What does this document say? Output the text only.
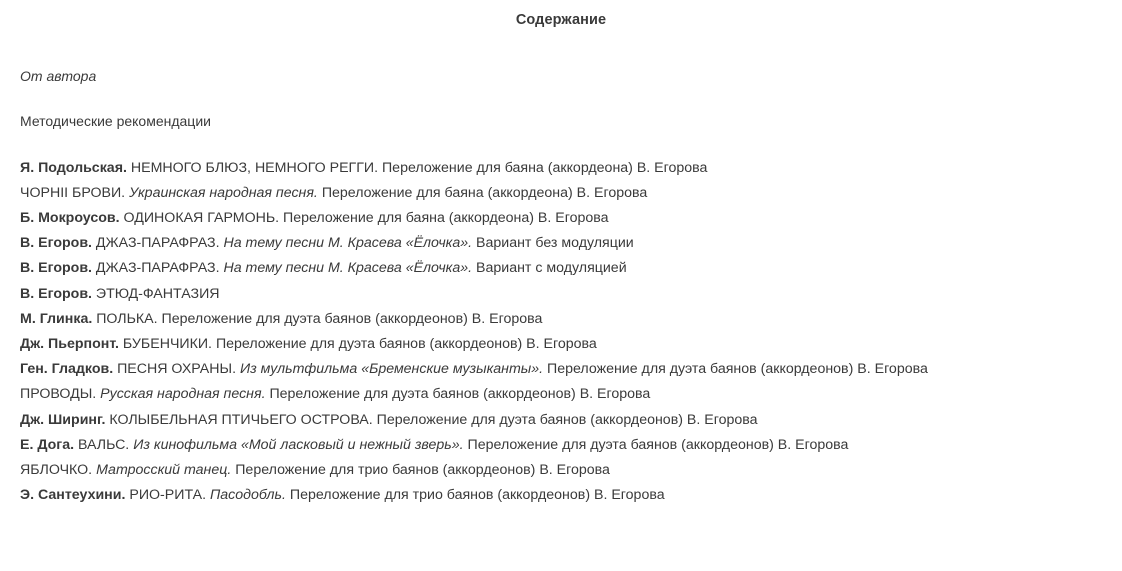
Содержание
От автора
Методические рекомендации
Я. Подольская. НЕМНОГО БЛЮЗ, НЕМНОГО РЕГГИ. Переложение для баяна (аккордеона) В. Егорова
ЧОРНII БРОВИ. Украинская народная песня. Переложение для баяна (аккордеона) В. Егорова
Б. Мокроусов. ОДИНОКАЯ ГАРМОНЬ. Переложение для баяна (аккордеона) В. Егорова
В. Егоров. ДЖАЗ-ПАРАФРАЗ. На тему песни М. Красева «Ёлочка». Вариант без модуляции
В. Егоров. ДЖАЗ-ПАРАФРАЗ. На тему песни М. Красева «Ёлочка». Вариант с модуляцией
В. Егоров. ЭТЮД-ФАНТАЗИЯ
М. Глинка. ПОЛЬКА. Переложение для дуэта баянов (аккордеонов) В. Егорова
Дж. Пьерпонт. БУБЕНЧИКИ. Переложение для дуэта баянов (аккордеонов) В. Егорова
Ген. Гладков. ПЕСНЯ ОХРАНЫ. Из мультфильма «Бременские музыканты». Переложение для дуэта баянов (аккордеонов) В. Егорова
ПРОВОДЫ. Русская народная песня. Переложение для дуэта баянов (аккордеонов) В. Егорова
Дж. Ширинг. КОЛЫБЕЛЬНАЯ ПТИЧЬЕГО ОСТРОВА. Переложение для дуэта баянов (аккордеонов) В. Егорова
Е. Дога. ВАЛЬС. Из кинофильма «Мой ласковый и нежный зверь». Переложение для дуэта баянов (аккордеонов) В. Егорова
ЯБЛОЧКО. Матросский танец. Переложение для трио баянов (аккордеонов) В. Егорова
Э. Сантеухини. РИО-РИТА. Пасодобль. Переложение для трио баянов (аккордеонов) В. Егорова
